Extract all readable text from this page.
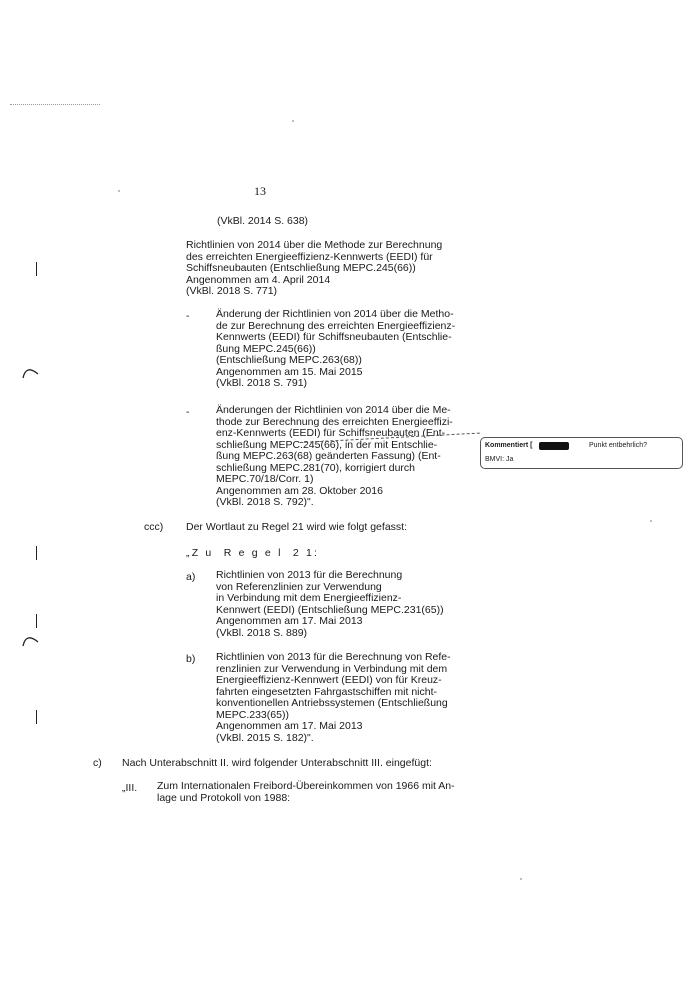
13
(VkBl. 2014 S. 638)
Richtlinien von 2014 über die Methode zur Berechnung
des erreichten Energieeffizienz-Kennwerts (EEDI) für
Schiffsneubauten (Entschließung MEPC.245(66))
Angenommen am 4. April 2014
(VkBl. 2018 S. 771)
-	Änderung der Richtlinien von 2014 über die Metho-
de zur Berechnung des erreichten Energieeffizienz-
Kennwerts (EEDI) für Schiffsneubauten (Entschlie-
ßung MEPC.245(66))
(Entschließung MEPC.263(68))
Angenommen am 15. Mai 2015
(VkBl. 2018 S. 791)
-	Änderungen der Richtlinien von 2014 über die Me-
thode zur Berechnung des erreichten Energieeffizi-
enz-Kennwerts (EEDI) für Schiffsneubauten (Ent-
schließung MEPC.245(66), in der mit Entschlie-
ßung MEPC.263(68) geänderten Fassung) (Ent-
schließung MEPC.281(70), korrigiert durch
MEPC.70/18/Corr. 1)
Angenommen am 28. Oktober 2016
(VkBl. 2018 S. 792)".
Kommentiert [	Punkt entbehrlich?
BMVI: Ja
ccc) Der Wortlaut zu Regel 21 wird wie folgt gefasst:
„Z u  R e g e l  2 1:
a) Richtlinien von 2013 für die Berechnung
von Referenzlinien zur Verwendung
in Verbindung mit dem Energieeffizienz-
Kennwert (EEDI) (Entschließung MEPC.231(65))
Angenommen am 17. Mai 2013
(VkBl. 2018 S. 889)
b) Richtlinien von 2013 für die Berechnung von Refe-
renzlinien zur Verwendung in Verbindung mit dem
Energieeffizienz-Kennwert (EEDI) von für Kreuz-
fahrten eingesetzten Fahrgastschiffen mit nicht-
konventionellen Antriebssystemen (Entschließung
MEPC.233(65))
Angenommen am 17. Mai 2013
(VkBl. 2015 S. 182)".
c) Nach Unterabschnitt II. wird folgender Unterabschnitt III. eingefügt:
„III. Zum Internationalen Freibord-Übereinkommen von 1966 mit An-
lage und Protokoll von 1988:
